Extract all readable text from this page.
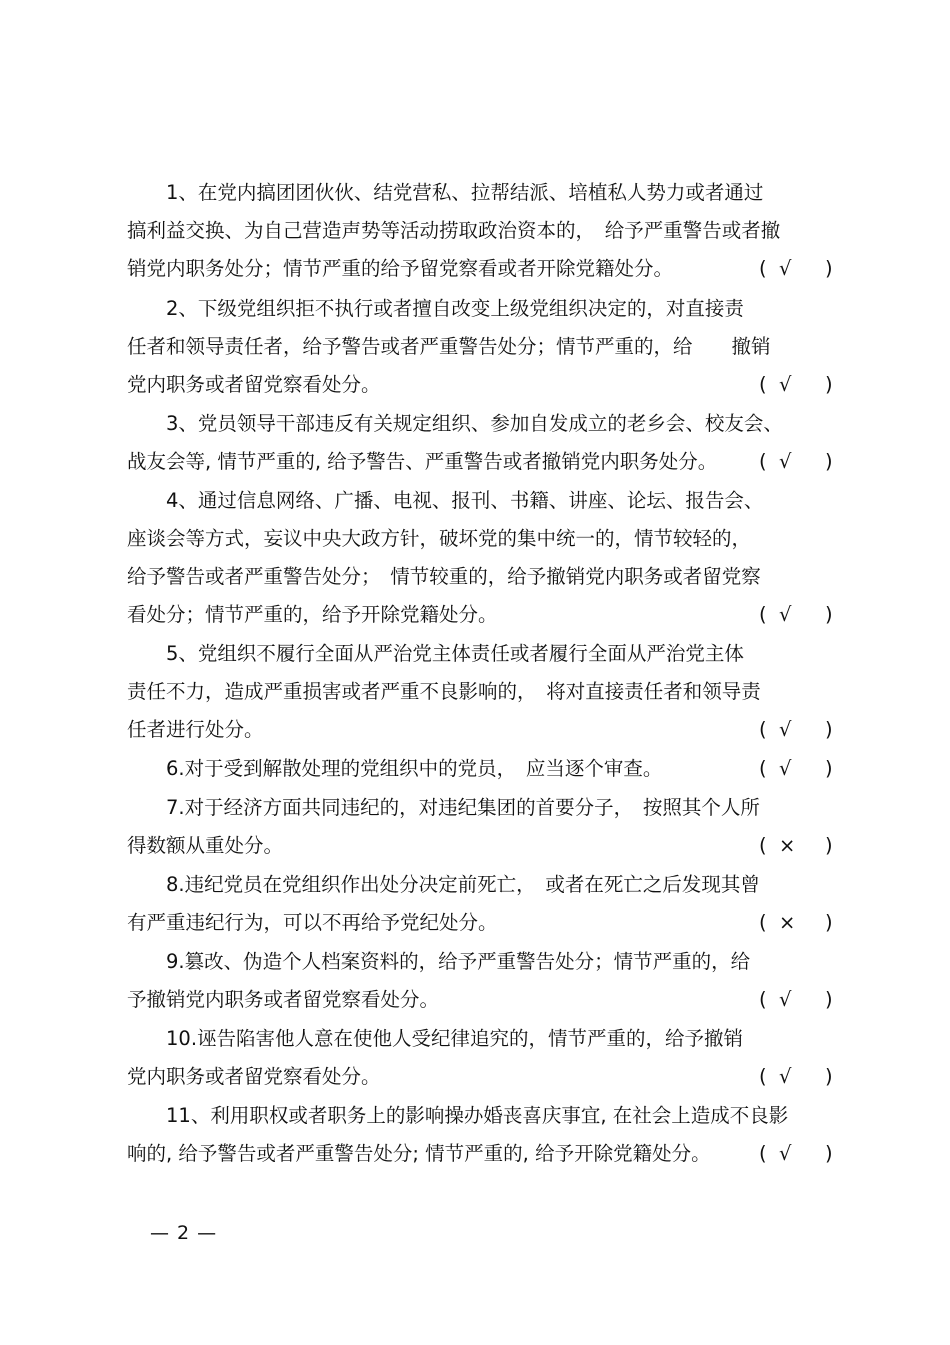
　　1、在党内搞团团伙伙、结党营私、拉帮结派、培植私人势力或者通过
搞利益交换、为自己营造声势等活动捞取政治资本的，　给予严重警告或者撤
销党内职务处分；情节严重的给予留党察看或者开除党籍处分。	( √ )
　　2、下级党组织拒不执行或者擅自改变上级党组织决定的，对直接责
任者和领导责任者，给予警告或者严重警告处分；情节严重的，给　　撤销
党内职务或者留党察看处分。	( √ )
　　3、党员领导干部违反有关规定组织、参加自发成立的老乡会、校友会、
战友会等, 情节严重的, 给予警告、严重警告或者撤销党内职务处分。 ( √ )
　　4、通过信息网络、广播、电视、报刊、书籍、讲座、论坛、报告会、
座谈会等方式，妄议中央大政方针，破坏党的集中统一的，情节较轻的，
给予警告或者严重警告处分；　情节较重的，给予撤销党内职务或者留党察
看处分；情节严重的，给予开除党籍处分。	( √ )
　　5、党组织不履行全面从严治党主体责任或者履行全面从严治党主体
责任不力，造成严重损害或者严重不良影响的，　将对直接责任者和领导责
任者进行处分。	( √ )
　　6.对于受到解散处理的党组织中的党员，　应当逐个审查。	( √ )
　　7.对于经济方面共同违纪的，对违纪集团的首要分子，　按照其个人所
得数额从重处分。	( × )
　　8.违纪党员在党组织作出处分决定前死亡，　或者在死亡之后发现其曾
有严重违纪行为，可以不再给予党纪处分。	( × )
　　9.篡改、伪造个人档案资料的，给予严重警告处分；情节严重的，给
予撤销党内职务或者留党察看处分。	( √ )
　　10.诬告陷害他人意在使他人受纪律追究的，情节严重的，给予撤销
党内职务或者留党察看处分。	( √ )
　　11、利用职权或者职务上的影响操办婚丧喜庆事宜, 在社会上造成不良影
响的, 给予警告或者严重警告处分; 情节严重的, 给予开除党籍处分。 ( √ )
— 2 —
